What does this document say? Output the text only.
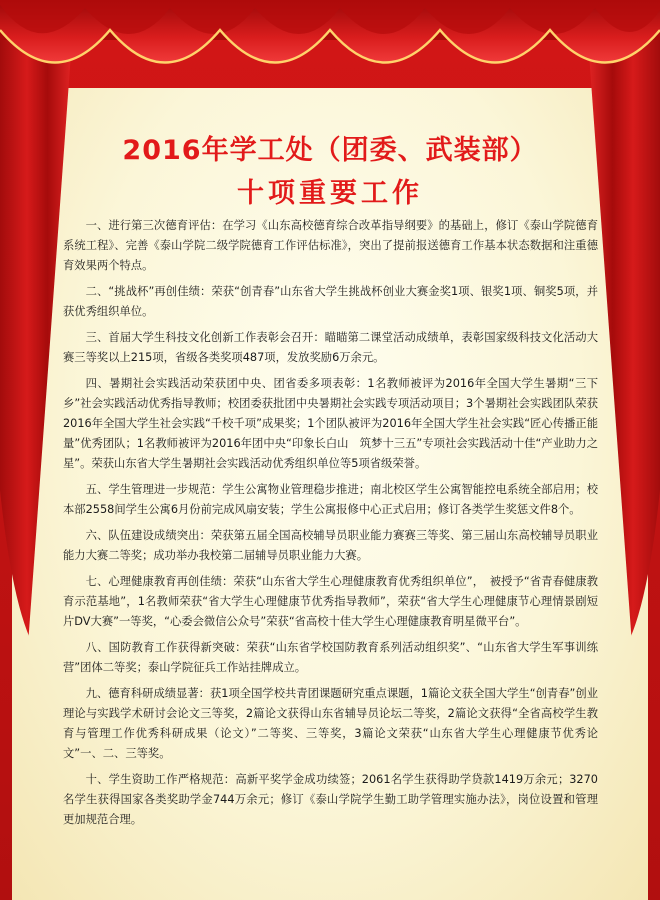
2016年学工处（团委、武装部）
十项重要工作

一、进行第三次德育评估：在学习《山东高校德育综合改革指导纲要》的基础上，修订《泰山学院德育系统工程》、完善《泰山学院二级学院德育工作评估标准》，突出了提前报送德育工作基本状态数据和注重德育效果两个特点。

二、“挑战杯”再创佳绩：荣获“创青春”山东省大学生挑战杯创业大赛金奖1项、银奖1项、铜奖5项，并获优秀组织单位。

三、首届大学生科技文化创新工作表彰会召开：瞄瞄第二课堂活动成绩单，表彰国家级科技文化活动大赛三等奖以上215项，省级各类奖项487项，发放奖励6万余元。

四、暑期社会实践活动荣获团中央、团省委多项表彰：1名教师被评为2016年全国大学生暑期“三下乡”社会实践活动优秀指导教师；校团委获批团中央暑期社会实践专项活动项目；3个暑期社会实践团队荣获2016年全国大学生社会实践“千校千项”成果奖；1个团队被评为2016年全国大学生社会实践“匠心传播正能量”优秀团队；1名教师被评为2016年团中央“印象长白山　筑梦十三五”专项社会实践活动十佳“产业助力之星”。荣获山东省大学生暑期社会实践活动优秀组织单位等5项省级荣誉。

五、学生管理进一步规范：学生公寓物业管理稳步推进；南北校区学生公寓智能控电系统全部启用；校本部2558间学生公寓6月份前完成风扇安装；学生公寓报修中心正式启用；修订各类学生奖惩文件8个。

六、队伍建设成绩突出：荣获第五届全国高校辅导员职业能力赛赛三等奖、第三届山东高校辅导员职业能力大赛二等奖；成功举办我校第二届辅导员职业能力大赛。

七、心理健康教育再创佳绩：荣获“山东省大学生心理健康教育优秀组织单位”，　被授予“省青春健康教育示范基地”，1名教师荣获“省大学生心理健康节优秀指导教师”，荣获“省大学生心理健康节心理情景剧短片DV大赛”一等奖，“心委会微信公众号”荣获“省高校十佳大学生心理健康教育明星微平台”。

八、国防教育工作获得新突破：荣获“山东省学校国防教育系列活动组织奖”、“山东省大学生军事训练营”团体二等奖；泰山学院征兵工作站挂牌成立。

九、德育科研成绩显著：获1项全国学校共青团课题研究重点课题，1篇论文获全国大学生“创青春”创业理论与实践学术研讨会论文三等奖，2篇论文获得山东省辅导员论坛二等奖，2篇论文获得“全省高校学生教育与管理工作优秀科研成果（论文）”二等奖、三等奖，3篇论文荣获“山东省大学生心理健康节优秀论文”一、二、三等奖。

十、学生资助工作严格规范：高新平奖学金成功续签；2061名学生获得助学贷款1419万余元；3270名学生获得国家各类奖助学金744万余元；修订《泰山学院学生勤工助学管理实施办法》，岗位设置和管理更加规范合理。
